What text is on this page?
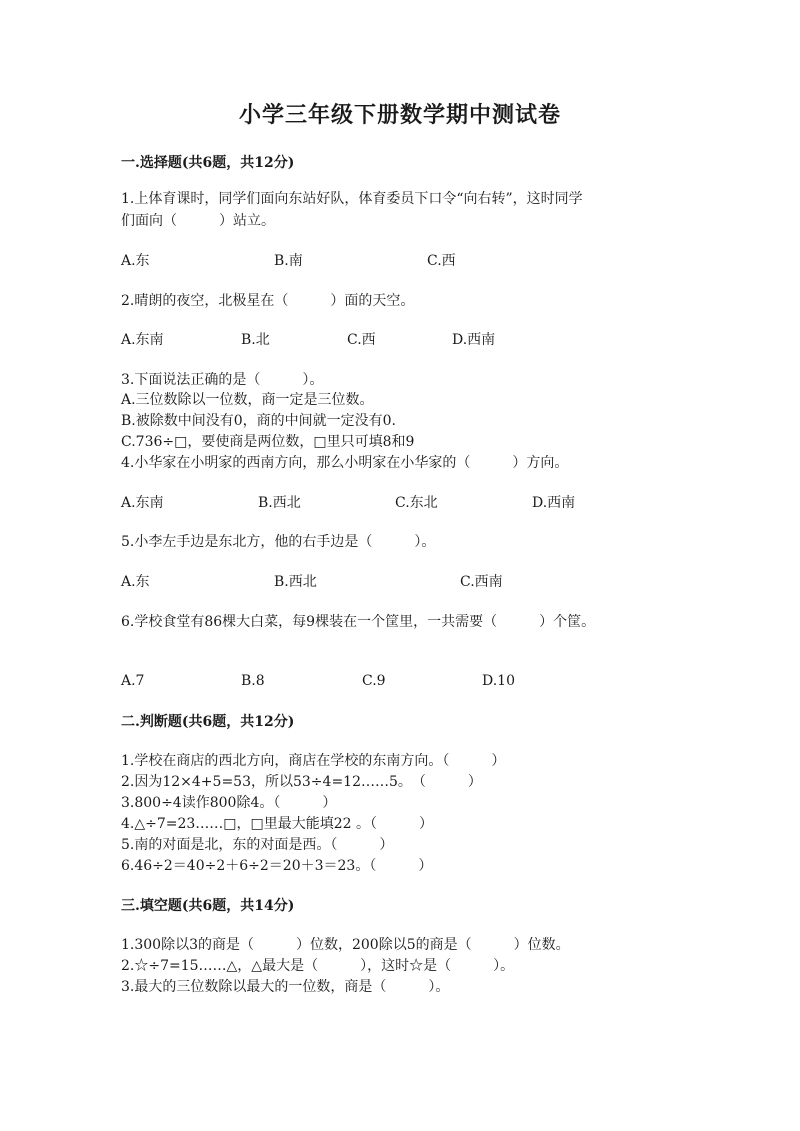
小学三年级下册数学期中测试卷
一.选择题(共6题，共12分)
1.上体育课时，同学们面向东站好队，体育委员下口令“向右转”，这时同学
们面向（　　　）站立。
A.东	B.南	C.西
2.晴朗的夜空，北极星在（　　　）面的天空。
A.东南	B.北	C.西	D.西南
3.下面说法正确的是（　　　）。
A.三位数除以一位数，商一定是三位数。
B.被除数中间没有0，商的中间就一定没有0.
C.736÷□，要使商是两位数，□里只可填8和9
4.小华家在小明家的西南方向，那么小明家在小华家的（　　　）方向。
A.东南	B.西北	C.东北	D.西南
5.小李左手边是东北方，他的右手边是（　　　）。
A.东	B.西北	C.西南
6.学校食堂有86棵大白菜，每9棵装在一个筐里，一共需要（　　　）个筐。
A.7	B.8	C.9	D.10
二.判断题(共6题，共12分)
1.学校在商店的西北方向，商店在学校的东南方向。（　　　）
2.因为12×4+5=53，所以53÷4=12……5。　（　　　）
3.800÷4读作800除4。（　　　）
4.△÷7=23……□，□里最大能填22 。（　　　）
5.南的对面是北，东的对面是西。（　　　）
6.46÷2＝40÷2＋6÷2＝20＋3＝23。（　　　）
三.填空题(共6题，共14分)
1.300除以3的商是（　　　）位数，200除以5的商是（　　　）位数。
2.☆÷7=15……△，△最大是（　　　），这时☆是（　　　）。
3.最大的三位数除以最大的一位数，商是（　　　）。
